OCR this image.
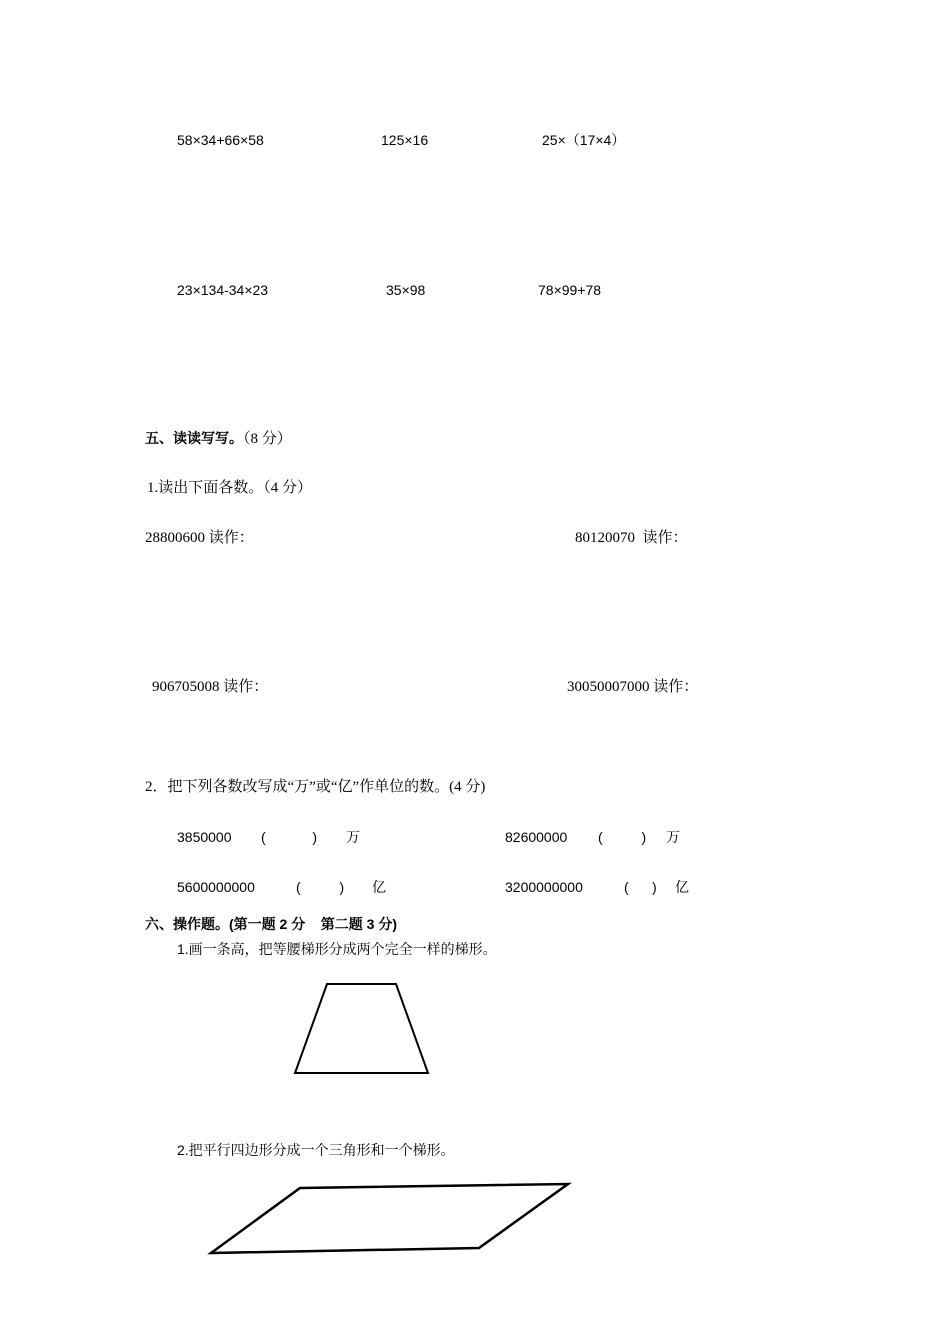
58×34+66×58	125×16	25×（17×4）
23×134-34×23	35×98	78×99+78
五、读读写写。（8 分）
1.读出下面各数。（4 分）
28800600 读作：	80120070  读作：
906705008 读作：	30050007000 读作：
2．把下列各数改写成“万”或“亿”作单位的数。(4 分)
3850000 (            ) 万	82600000 (          ) 万
5600000000	(          ) 亿	3200000000	(      ) 亿
六、操作题。(第一题 2 分    第二题 3 分)
1.画一条高，把等腰梯形分成两个完全一样的梯形。
2.把平行四边形分成一个三角形和一个梯形。
